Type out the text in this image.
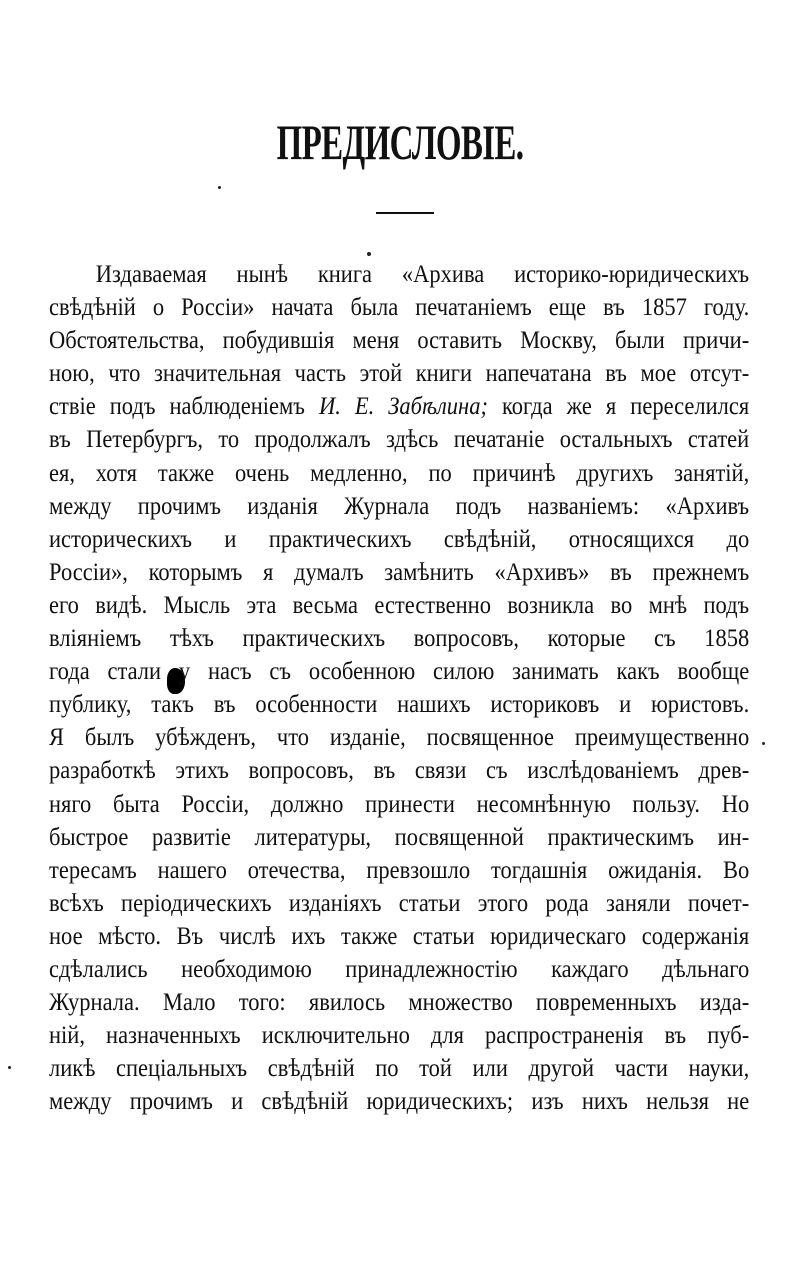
ПРЕДИСЛОВІЕ.
Издаваемая нынѣ книга «Архива историко-юридическихъ
свѣдѣній о Россіи» начата была печатаніемъ еще въ 1857 году.
Обстоятельства, побудившія меня оставить Москву, были причи-
ною, что значительная часть этой книги напечатана въ мое отсут-
ствіе подъ наблюденіемъ И. Е. Забѣлина; когда же я переселился
въ Петербургъ, то продолжалъ здѣсь печатаніе остальныхъ статей
ея, хотя также очень медленно, по причинѣ другихъ занятій,
между прочимъ изданія Журнала подъ названіемъ: «Архивъ
историческихъ и практическихъ свѣдѣній, относящихся до
Россіи», которымъ я думалъ замѣнить «Архивъ» въ прежнемъ
его видѣ. Мысль эта весьма естественно возникла во мнѣ подъ
вліяніемъ тѣхъ практическихъ вопросовъ, которые съ 1858
года стали у насъ съ особенною силою занимать какъ вообще
публику, такъ въ особенности нашихъ историковъ и юристовъ.
Я былъ убѣжденъ, что изданіе, посвященное преимущественно
разработкѣ этихъ вопросовъ, въ связи съ изслѣдованіемъ древ-
няго быта Россіи, должно принести несомнѣнную пользу. Но
быстрое развитіе литературы, посвященной практическимъ ин-
тересамъ нашего отечества, превзошло тогдашнія ожиданія. Во
всѣхъ періодическихъ изданіяхъ статьи этого рода заняли почет-
ное мѣсто. Въ числѣ ихъ также статьи юридическаго содержанія
сдѣлались необходимою принадлежностію каждаго дѣльнаго
Журнала. Мало того: явилось множество повременныхъ изда-
ній, назначенныхъ исключительно для распространенія въ пуб-
ликѣ спеціальныхъ свѣдѣній по той или другой части науки,
между прочимъ и свѣдѣній юридическихъ; изъ нихъ нельзя не
